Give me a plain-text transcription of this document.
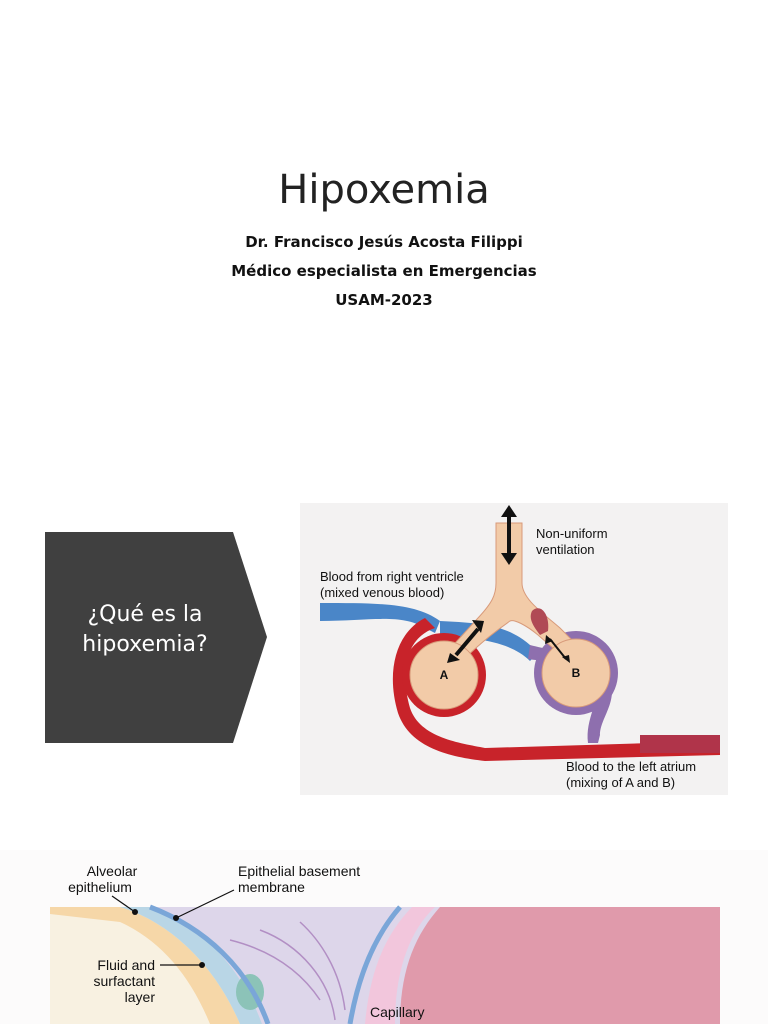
Hipoxemia
Dr. Francisco Jesús Acosta Filippi
Médico especialista en Emergencias
USAM-2023
¿Qué es la
hipoxemia?
A	B
Non-uniform
ventilation
Blood from right ventricle
(mixed venous blood)
Blood to the left atrium
(mixing of A and B)
Alveolar
epithelium
Epithelial basement
membrane
Fluid and
surfactant
layer
Capillary
